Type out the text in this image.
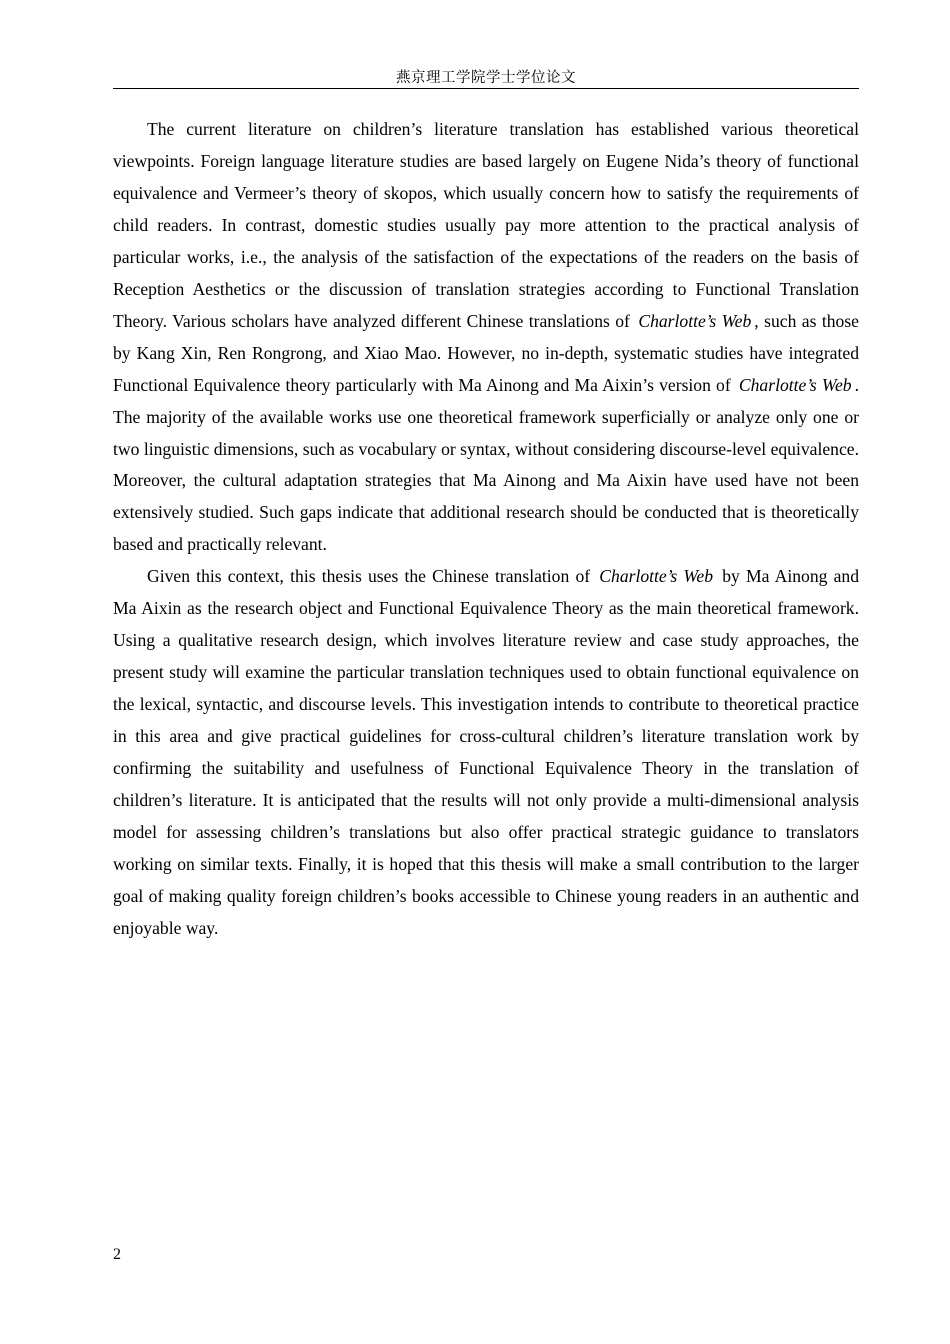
燕京理工学院学士学位论文

The current literature on children’s literature translation has established various theoretical viewpoints. Foreign language literature studies are based largely on Eugene Nida’s theory of functional equivalence and Vermeer’s theory of skopos, which usually concern how to satisfy the requirements of child readers. In contrast, domestic studies usually pay more attention to the practical analysis of particular works, i.e., the analysis of the satisfaction of the expectations of the readers on the basis of Reception Aesthetics or the discussion of translation strategies according to Functional Translation Theory. Various scholars have analyzed different Chinese translations of Charlotte’s Web , such as those by Kang Xin, Ren Rongrong, and Xiao Mao. However, no in-depth, systematic studies have integrated Functional Equivalence theory particularly with Ma Ainong and Ma Aixin’s version of Charlotte’s Web . The majority of the available works use one theoretical framework superficially or analyze only one or two linguistic dimensions, such as vocabulary or syntax, without considering discourse-level equivalence. Moreover, the cultural adaptation strategies that Ma Ainong and Ma Aixin have used have not been extensively studied. Such gaps indicate that additional research should be conducted that is theoretically based and practically relevant.

Given this context, this thesis uses the Chinese translation of Charlotte’s Web by Ma Ainong and Ma Aixin as the research object and Functional Equivalence Theory as the main theoretical framework. Using a qualitative research design, which involves literature review and case study approaches, the present study will examine the particular translation techniques used to obtain functional equivalence on the lexical, syntactic, and discourse levels. This investigation intends to contribute to theoretical practice in this area and give practical guidelines for cross-cultural children’s literature translation work by confirming the suitability and usefulness of Functional Equivalence Theory in the translation of children’s literature. It is anticipated that the results will not only provide a multi-dimensional analysis model for assessing children’s translations but also offer practical strategic guidance to translators working on similar texts. Finally, it is hoped that this thesis will make a small contribution to the larger goal of making quality foreign children’s books accessible to Chinese young readers in an authentic and enjoyable way.

2
